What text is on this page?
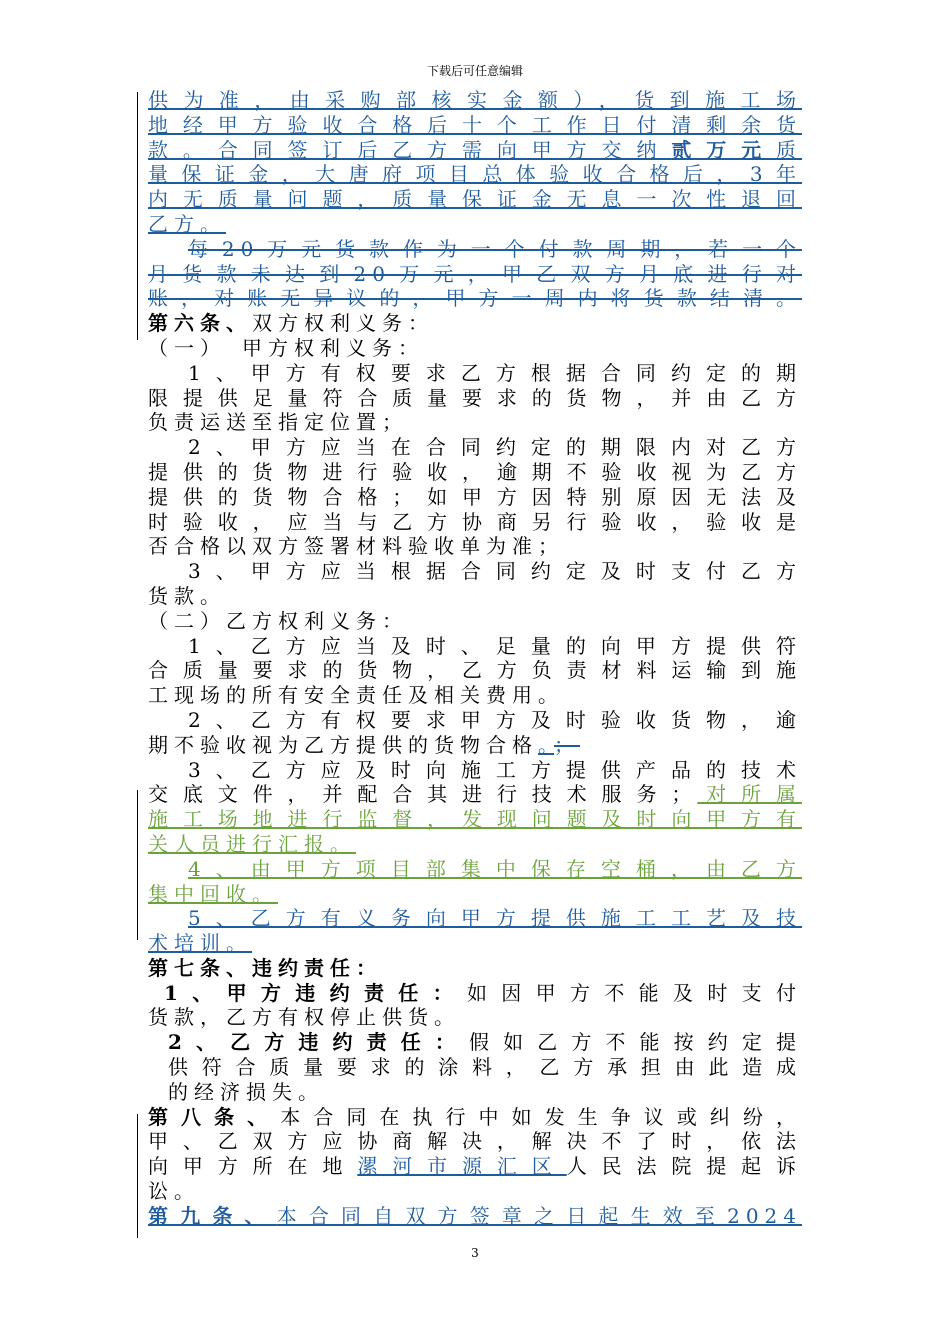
下载后可任意编辑

供为准，由采购部核实金额），货到施工场

地经甲方验收合格后十个工作日付清剩余货

款。合同签订后乙方需向甲方交纳贰万元质

量保证金，大唐府项目总体验收合格后，3年

内无质量问题，质量保证金无息一次性退回

乙方。

每20万元货款作为一个付款周期，若一个

月货款未达到20万元，甲乙双方月底进行对

账，对账无异议的，甲方一周内将货款结清。

第六条、双方权利义务：

（一）　甲方权利义务：

1、甲方有权要求乙方根据合同约定的期

限提供足量符合质量要求的货物，并由乙方

负责运送至指定位置；

2、甲方应当在合同约定的期限内对乙方

提供的货物进行验收，逾期不验收视为乙方

提供的货物合格；如甲方因特别原因无法及

时验收，应当与乙方协商另行验收，验收是

否合格以双方签署材料验收单为准；

3、甲方应当根据合同约定及时支付乙方

货款。

（二）乙方权利义务：

1、乙方应当及时、足量的向甲方提供符

合质量要求的货物，乙方负责材料运输到施

工现场的所有安全责任及相关费用。

2、乙方有权要求甲方及时验收货物，逾

期不验收视为乙方提供的货物合格。；

3、乙方应及时向施工方提供产品的技术

交底文件，并配合其进行技术服务；对所属

施工场地进行监督，发现问题及时向甲方有

关人员进行汇报。

4、由甲方项目部集中保存空桶，由乙方

集中回收。

5、乙方有义务向甲方提供施工工艺及技

术培训。

第七条、违约责任：

1、甲方违约责任：如因甲方不能及时支付

货款，乙方有权停止供货。

2、乙方违约责任：假如乙方不能按约定提

供符合质量要求的涂料，乙方承担由此造成

的经济损失。

第八条、本合同在执行中如发生争议或纠纷，

甲、乙双方应协商解决，解决不了时，依法

向甲方所在地漯河市源汇区人民法院提起诉

讼。

第九条、本合同自双方签章之日起生效至2024

3
